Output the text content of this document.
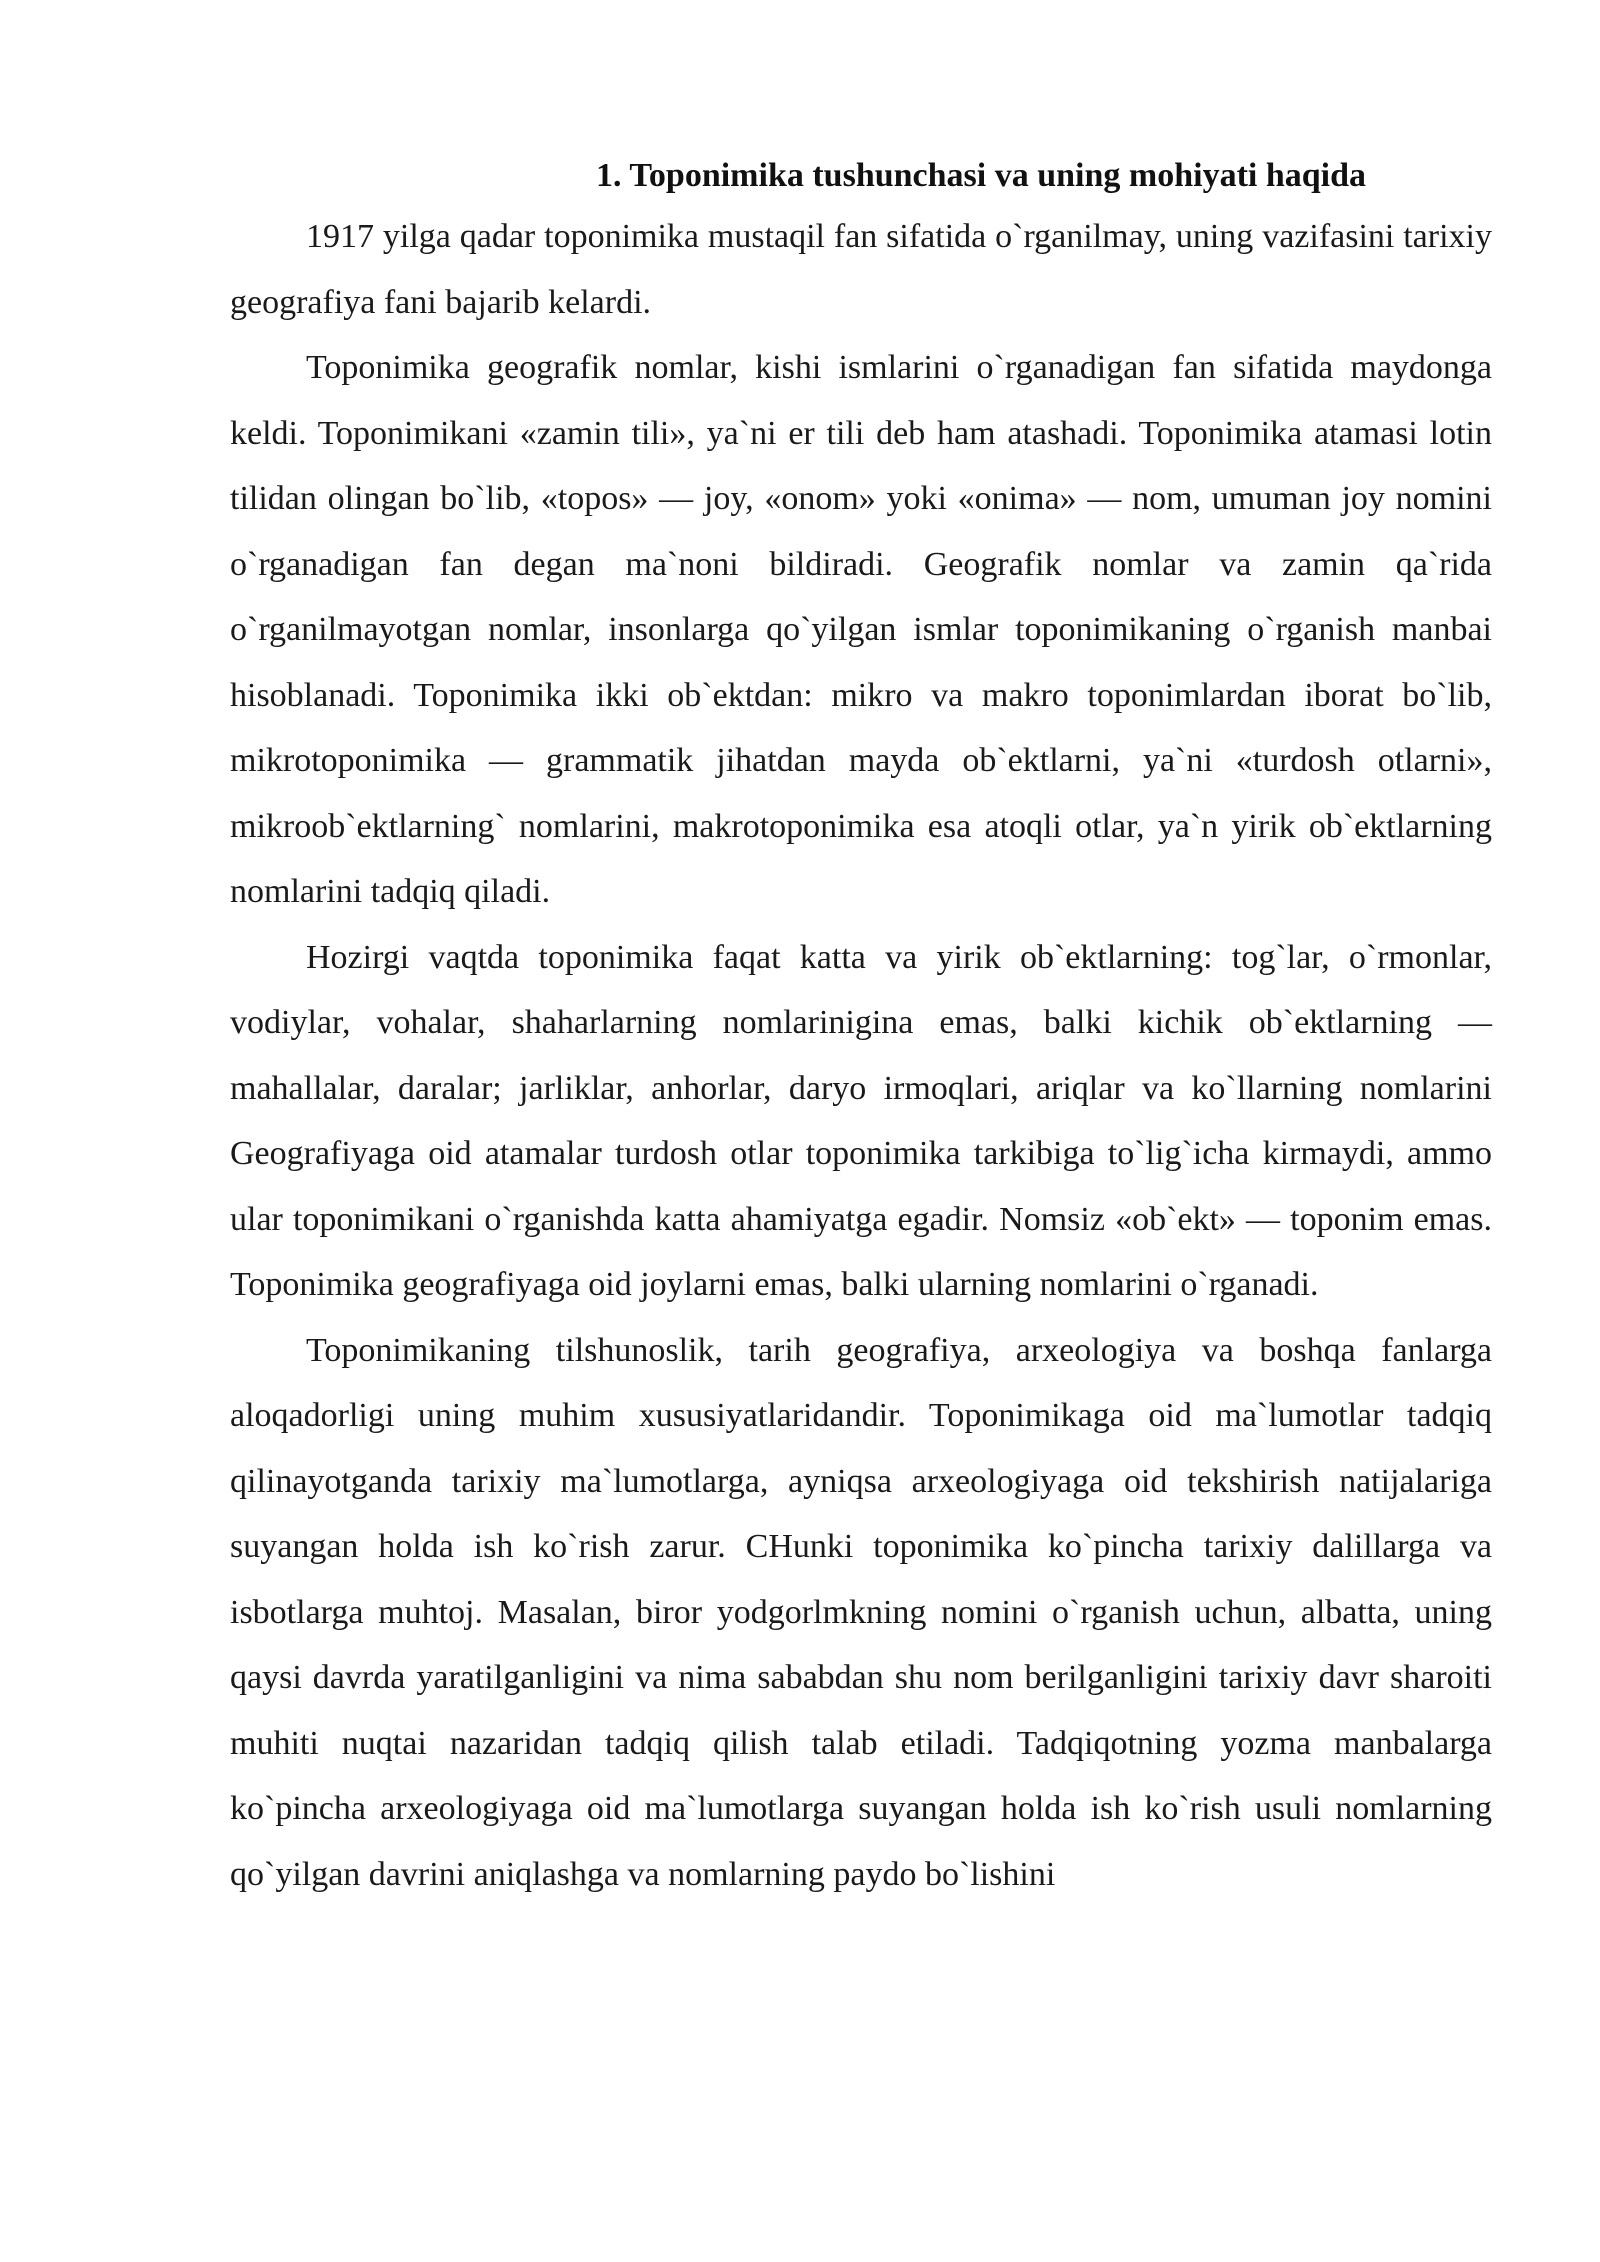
1. Toponimika tushunchasi va uning mohiyati haqida

1917 yilga qadar toponimika mustaqil fan sifatida o`rganilmay, uning vazifasini tarixiy geografiya fani bajarib kelardi.

Toponimika geografik nomlar, kishi ismlarini o`rganadigan fan sifatida maydonga keldi. Toponimikani «zamin tili», ya`ni er tili deb ham atashadi. Toponimika atamasi lotin tilidan olingan bo`lib, «topos» — joy, «onom» yoki «onima» — nom, umuman joy nomini o`rganadigan fan degan ma`noni bildiradi. Geografik nomlar va zamin qa`rida o`rganilmayotgan nomlar, insonlarga qo`yilgan ismlar toponimikaning o`rganish manbai hisoblanadi. Toponimika ikki ob`ektdan: mikro va makro toponimlardan iborat bo`lib, mikrotoponimika — grammatik jihatdan mayda ob`ektlarni, ya`ni «turdosh otlarni», mikroob`ektlarning` nomlarini, makrotoponimika esa atoqli otlar, ya`n yirik ob`ektlarning nomlarini tadqiq qiladi.

Hozirgi vaqtda toponimika faqat katta va yirik ob`ektlarning: tog`lar, o`rmonlar, vodiylar, vohalar, shaharlarning nomlarinigina emas, balki kichik ob`ektlarning — mahallalar, daralar; jarliklar, anhorlar, daryo irmoqlari, ariqlar va ko`llarning nomlarini Geografiyaga oid atamalar turdosh otlar toponimika tarkibiga to`lig`icha kirmaydi, ammo ular toponimikani o`rganishda katta ahamiyatga egadir. Nomsiz «ob`ekt» — toponim emas. Toponimika geografiyaga oid joylarni emas, balki ularning nomlarini o`rganadi.

Toponimikaning tilshunoslik, tarih geografiya, arxeologiya va boshqa fanlarga aloqadorligi uning muhim xususiyatlaridandir. Toponimikaga oid ma`lumotlar tadqiq qilinayotganda tarixiy ma`lumotlarga, ayniqsa arxeologiyaga oid tekshirish natijalariga suyangan holda ish ko`rish zarur. CHunki toponimika ko`pincha tarixiy dalillarga va isbotlarga muhtoj. Masalan, biror yodgorlmkning nomini o`rganish uchun, albatta, uning qaysi davrda yaratilganligini va nima sababdan shu nom berilganligini tarixiy davr sharoiti muhiti nuqtai nazaridan tadqiq qilish talab etiladi. Tadqiqotning yozma manbalarga ko`pincha arxeologiyaga oid ma`lumotlarga suyangan holda ish ko`rish usuli nomlarning qo`yilgan davrini aniqlashga va nomlarning paydo bo`lishini
